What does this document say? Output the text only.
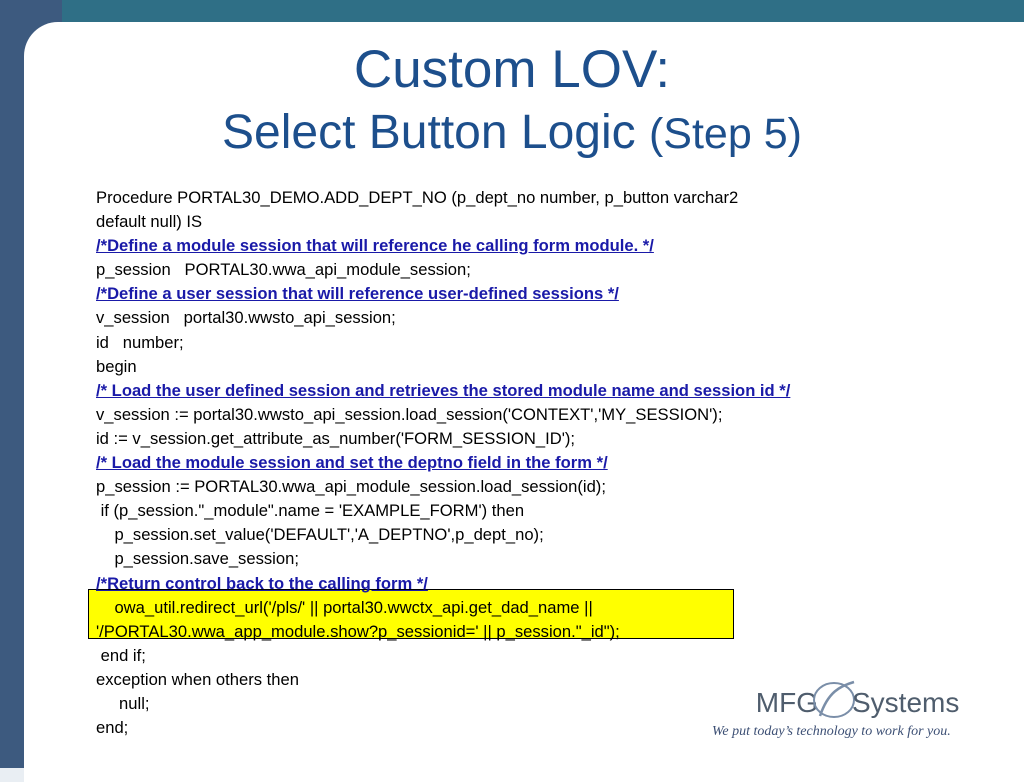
Custom LOV:
Select Button Logic (Step 5)
Procedure PORTAL30_DEMO.ADD_DEPT_NO (p_dept_no number, p_button varchar2
default null) IS
/*Define a module session that will reference he calling form module. */
p_session   PORTAL30.wwa_api_module_session;
/*Define a user session that will reference user-defined sessions */
v_session   portal30.wwsto_api_session;
id   number;
begin
/* Load the user defined session and retrieves the stored module name and session id */
v_session := portal30.wwsto_api_session.load_session('CONTEXT','MY_SESSION');
id := v_session.get_attribute_as_number('FORM_SESSION_ID');
/* Load the module session and set the deptno field in the form */
p_session := PORTAL30.wwa_api_module_session.load_session(id);
if (p_session."_module".name = 'EXAMPLE_FORM') then
p_session.set_value('DEFAULT','A_DEPTNO',p_dept_no);
p_session.save_session;
/*Return control back to the calling form */
owa_util.redirect_url('/pls/' || portal30.wwctx_api.get_dad_name ||
'/PORTAL30.wwa_app_module.show?p_sessionid=' || p_session."_id");
end if;
exception when others then
null;
end;
MFG Systems
We put today’s technology to work for you.
